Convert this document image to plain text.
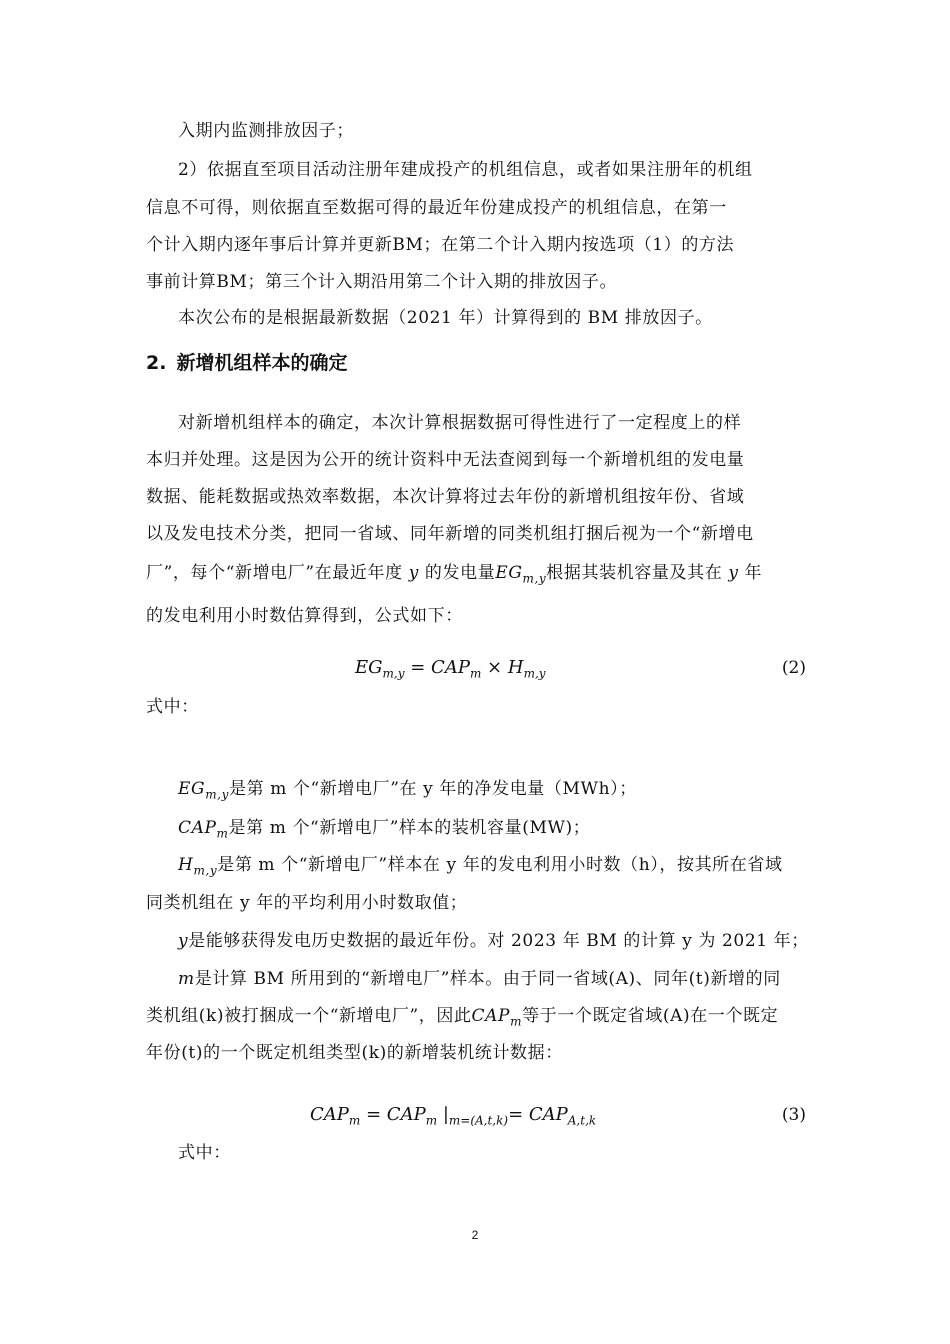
入期内监测排放因子；
2）依据直至项目活动注册年建成投产的机组信息，或者如果注册年的机组
信息不可得，则依据直至数据可得的最近年份建成投产的机组信息，在第一
个计入期内逐年事后计算并更新BM；在第二个计入期内按选项（1）的方法
事前计算BM；第三个计入期沿用第二个计入期的排放因子。
本次公布的是根据最新数据（2021 年）计算得到的 BM 排放因子。
2. 新增机组样本的确定
对新增机组样本的确定，本次计算根据数据可得性进行了一定程度上的样
本归并处理。这是因为公开的统计资料中无法查阅到每一个新增机组的发电量
数据、能耗数据或热效率数据，本次计算将过去年份的新增机组按年份、省域
以及发电技术分类，把同一省域、同年新增的同类机组打捆后视为一个“新增电
厂”，每个“新增电厂”在最近年度 y 的发电量$EG_{m,y}$根据其装机容量及其在 y 年
的发电利用小时数估算得到，公式如下：
$EG_{m,y} = CAP_m \times H_{m,y}$	(2)
式中：
$EG_{m,y}$是第 m 个“新增电厂”在 y 年的净发电量（MWh）；
$CAP_m$是第 m 个“新增电厂”样本的装机容量(MW)；
$H_{m,y}$是第 m 个“新增电厂”样本在 y 年的发电利用小时数（h），按其所在省域
同类机组在 y 年的平均利用小时数取值；
y是能够获得发电历史数据的最近年份。对 2023 年 BM 的计算 y 为 2021 年；
m是计算 BM 所用到的“新增电厂”样本。由于同一省域(A)、同年(t)新增的同
类机组(k)被打捆成一个“新增电厂”，因此$CAP_m$等于一个既定省域(A)在一个既定
年份(t)的一个既定机组类型(k)的新增装机统计数据：
$CAP_m = CAP_m$ $|_{m=(A,t,k)}= CAP_{A,t,k}$	(3)
式中：
2
